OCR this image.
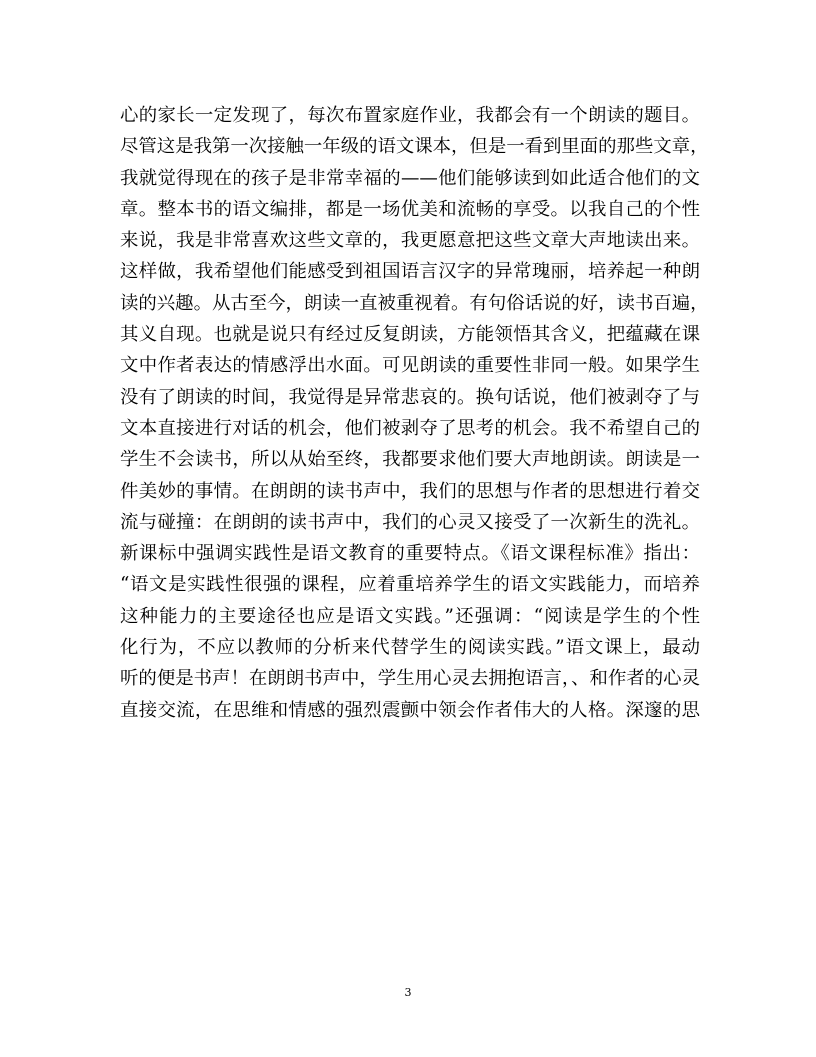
心的家长一定发现了，每次布置家庭作业，我都会有一个朗读的题目。
尽管这是我第一次接触一年级的语文课本，但是一看到里面的那些文章，
我就觉得现在的孩子是非常幸福的——他们能够读到如此适合他们的文
章。整本书的语文编排，都是一场优美和流畅的享受。以我自己的个性
来说，我是非常喜欢这些文章的，我更愿意把这些文章大声地读出来。
这样做，我希望他们能感受到祖国语言汉字的异常瑰丽，培养起一种朗
读的兴趣。从古至今，朗读一直被重视着。有句俗话说的好，读书百遍，
其义自现。也就是说只有经过反复朗读，方能领悟其含义，把蕴藏在课
文中作者表达的情感浮出水面。可见朗读的重要性非同一般。如果学生
没有了朗读的时间，我觉得是异常悲哀的。换句话说，他们被剥夺了与
文本直接进行对话的机会，他们被剥夺了思考的机会。我不希望自己的
学生不会读书，所以从始至终，我都要求他们要大声地朗读。朗读是一
件美妙的事情。在朗朗的读书声中，我们的思想与作者的思想进行着交
流与碰撞：在朗朗的读书声中，我们的心灵又接受了一次新生的洗礼。
新课标中强调实践性是语文教育的重要特点。《语文课程标准》指出：
“语文是实践性很强的课程，应着重培养学生的语文实践能力，而培养
这种能力的主要途径也应是语文实践。”还强调：“阅读是学生的个性
化行为，不应以教师的分析来代替学生的阅读实践。”语文课上，最动
听的便是书声！在朗朗书声中，学生用心灵去拥抱语言，、和作者的心灵
直接交流，在思维和情感的强烈震颤中领会作者伟大的人格。深邃的思
3
